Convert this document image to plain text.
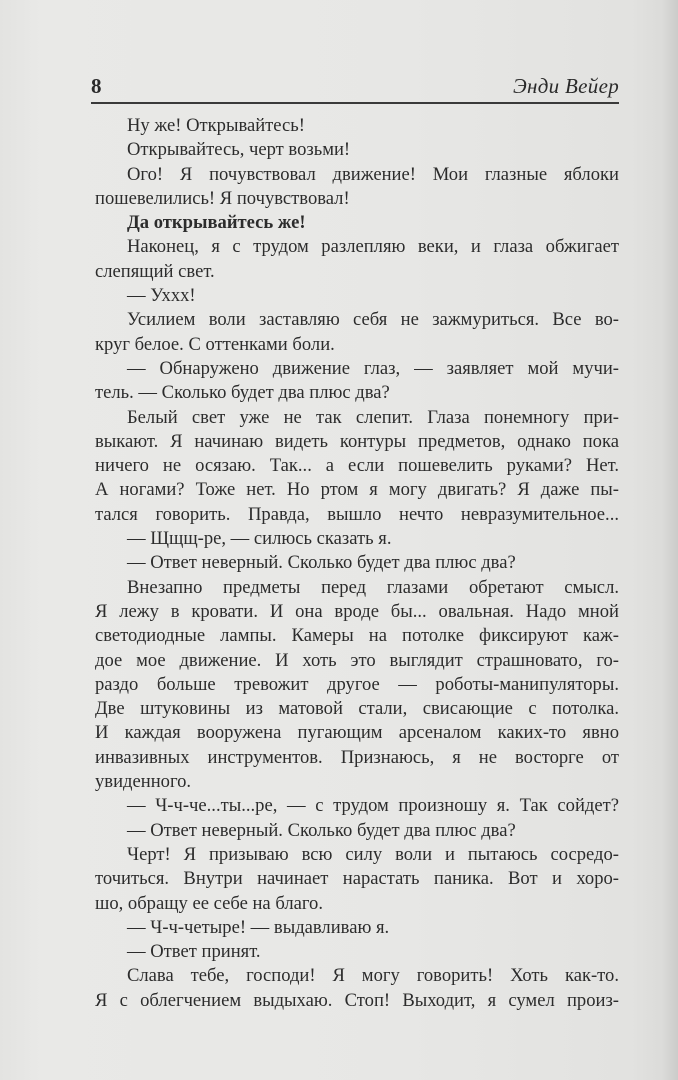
8	Энди Вейер
Ну же! Открывайтесь!
Открывайтесь, черт возьми!
Ого! Я почувствовал движение! Мои глазные яблоки
пошевелились! Я почувствовал!
Да открывайтесь же!
Наконец, я с трудом разлепляю веки, и глаза обжигает
слепящий свет.
— Уххх!
Усилием воли заставляю себя не зажмуриться. Все во-
круг белое. С оттенками боли.
— Обнаружено движение глаз, — заявляет мой мучи-
тель. — Сколько будет два плюс два?
Белый свет уже не так слепит. Глаза понемногу при-
выкают. Я начинаю видеть контуры предметов, однако пока
ничего не осязаю. Так... а если пошевелить руками? Нет.
А ногами? Тоже нет. Но ртом я могу двигать? Я даже пы-
тался говорить. Правда, вышло нечто невразумительное...
— Щщщ-ре, — силюсь сказать я.
— Ответ неверный. Сколько будет два плюс два?
Внезапно предметы перед глазами обретают смысл.
Я лежу в кровати. И она вроде бы... овальная. Надо мной
светодиодные лампы. Камеры на потолке фиксируют каж-
дое мое движение. И хоть это выглядит страшновато, го-
раздо больше тревожит другое — роботы-манипуляторы.
Две штуковины из матовой стали, свисающие с потолка.
И каждая вооружена пугающим арсеналом каких-то явно
инвазивных инструментов. Признаюсь, я не восторге от
увиденного.
— Ч-ч-че...ты...ре, — с трудом произношу я. Так сойдет?
— Ответ неверный. Сколько будет два плюс два?
Черт! Я призываю всю силу воли и пытаюсь сосредо-
точиться. Внутри начинает нарастать паника. Вот и хоро-
шо, обращу ее себе на благо.
— Ч-ч-четыре! — выдавливаю я.
— Ответ принят.
Слава тебе, господи! Я могу говорить! Хоть как-то.
Я с облегчением выдыхаю. Стоп! Выходит, я сумел произ-
